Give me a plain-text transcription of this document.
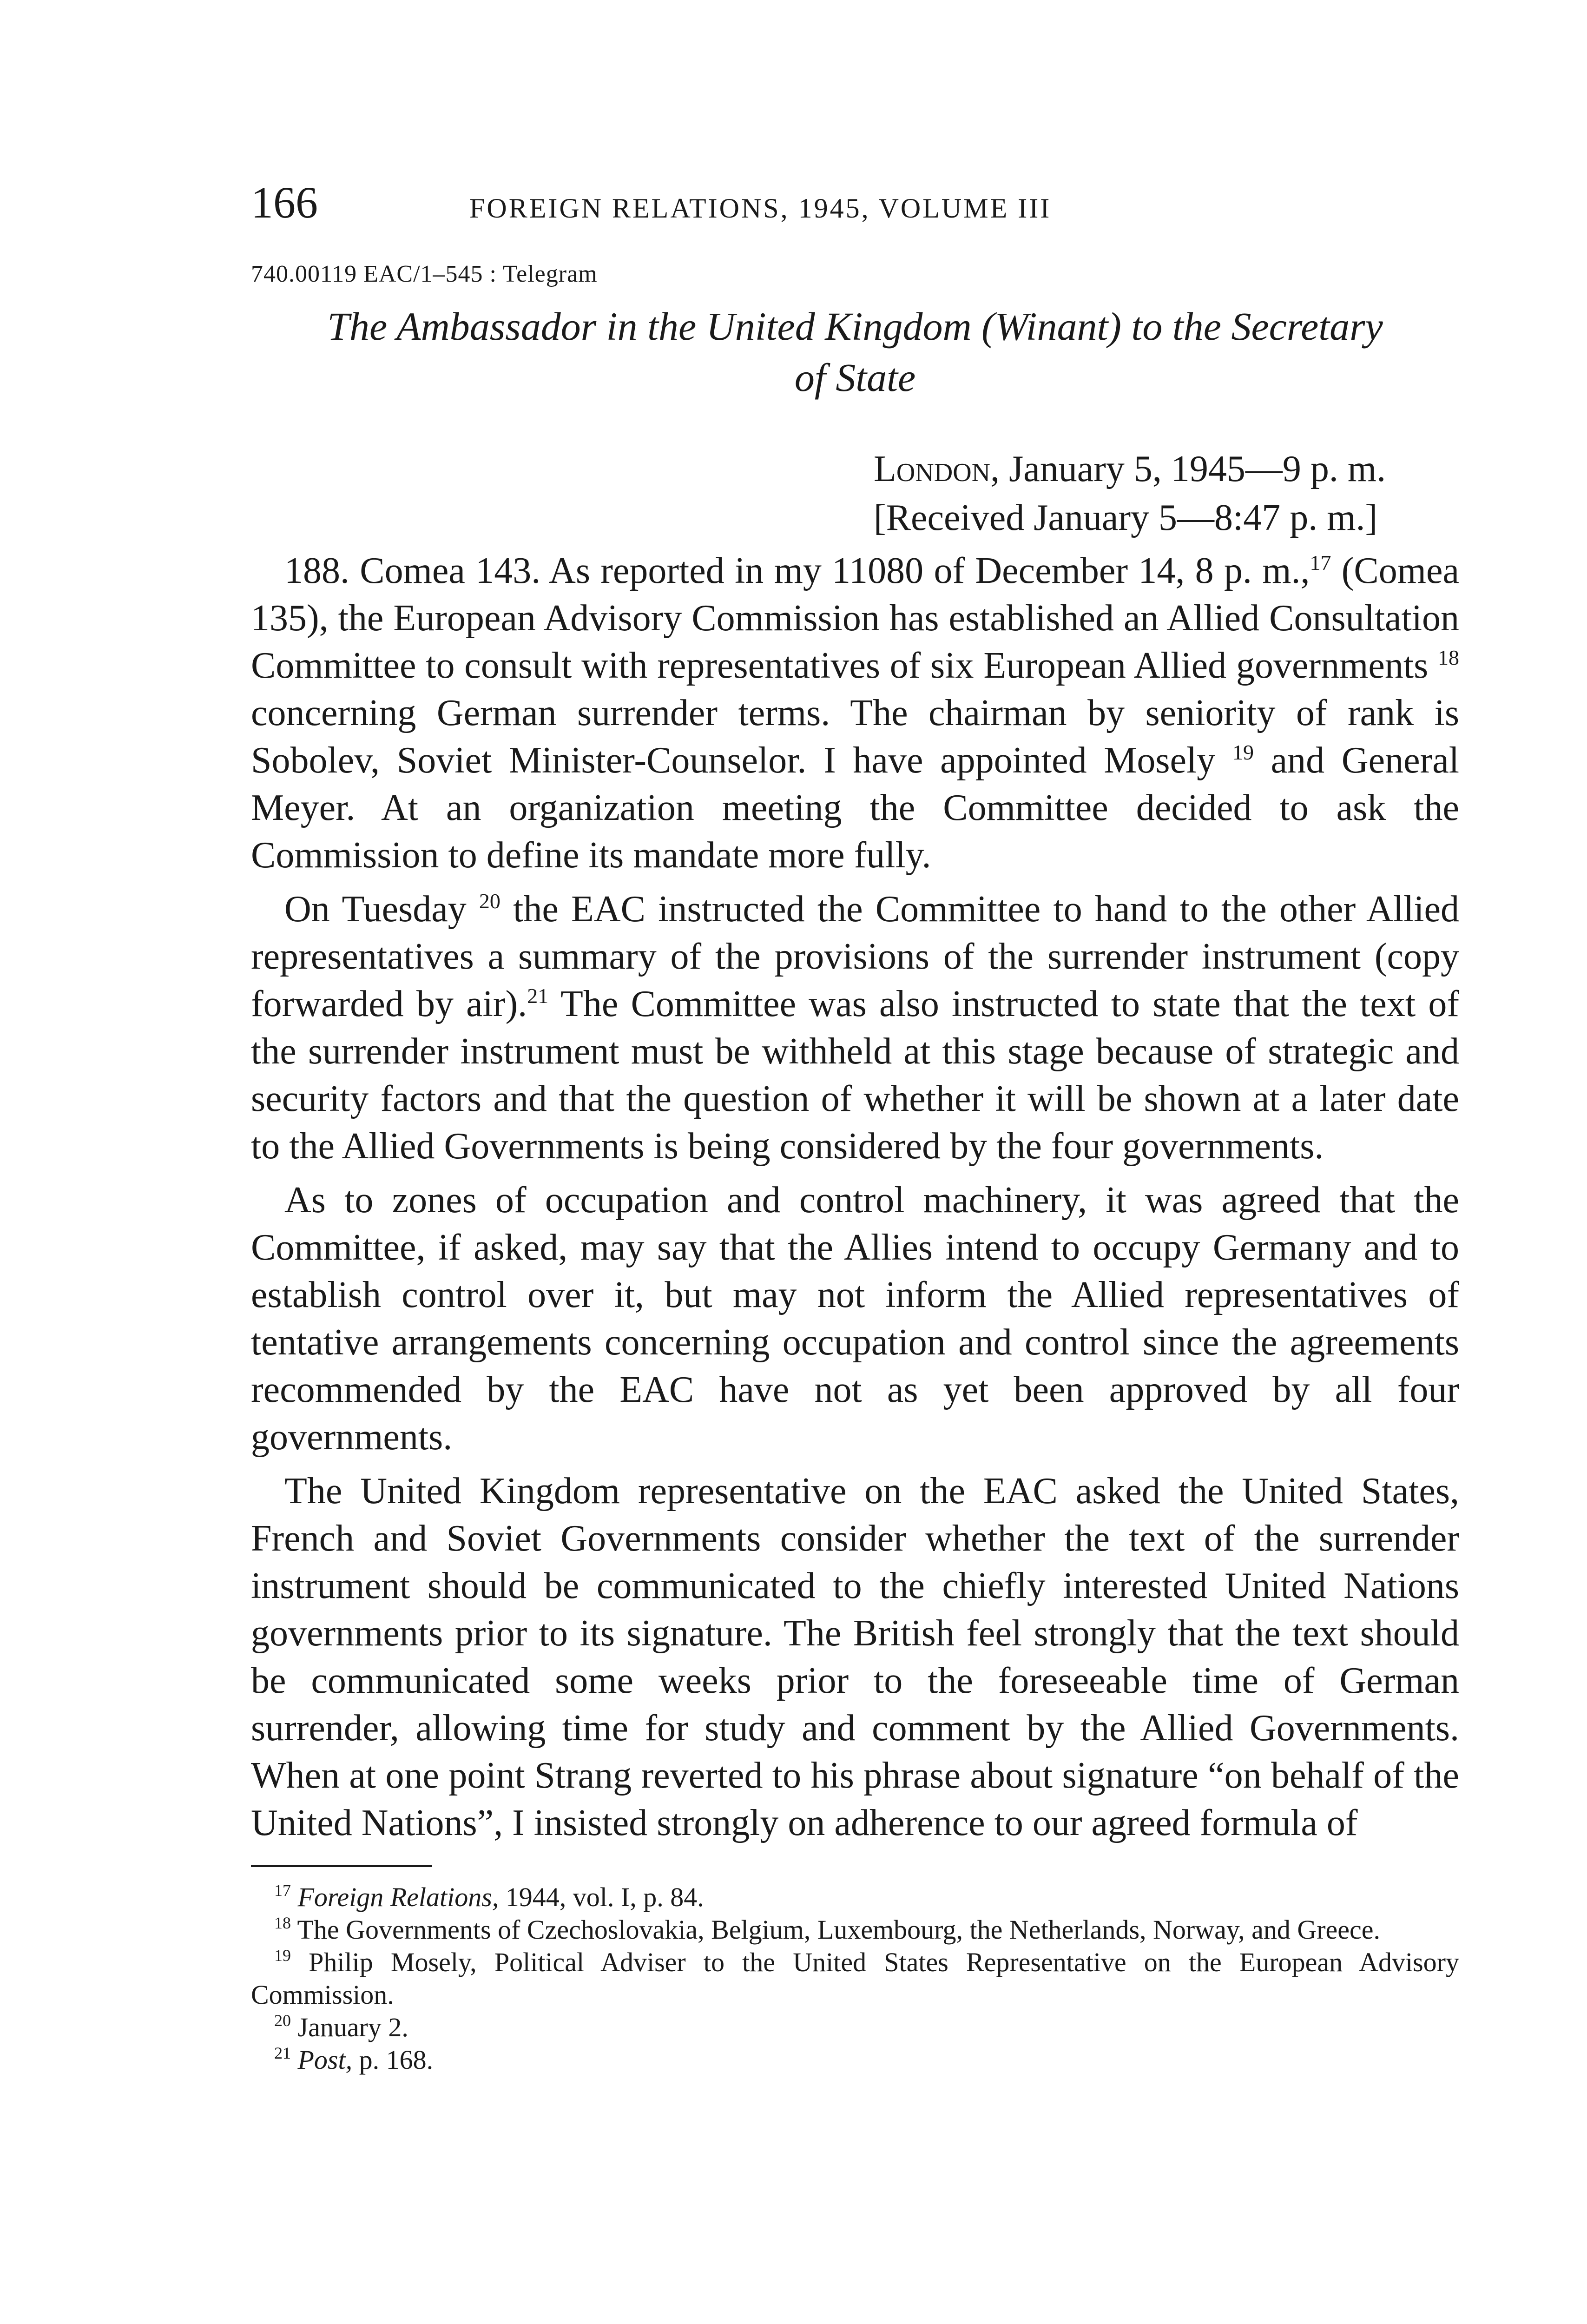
166	FOREIGN RELATIONS, 1945, VOLUME III
740.00119 EAC/1–545 : Telegram
The Ambassador in the United Kingdom (Winant) to the Secretary
of State
London, January 5, 1945—9 p. m.
[Received January 5—8:47 p. m.]

188. Comea 143. As reported in my 11080 of December 14, 8 p. m.,$^{17}$ (Comea 135), the European Advisory Commission has established an Allied Consultation Committee to consult with representatives of six European Allied governments $^{18}$ concerning German surrender terms. The chairman by seniority of rank is Sobolev, Soviet Minister-Counselor. I have appointed Mosely $^{19}$ and General Meyer. At an organization meeting the Committee decided to ask the Commission to define its mandate more fully.

On Tuesday $^{20}$ the EAC instructed the Committee to hand to the other Allied representatives a summary of the provisions of the surrender instrument (copy forwarded by air).$^{21}$ The Committee was also instructed to state that the text of the surrender instrument must be withheld at this stage because of strategic and security factors and that the question of whether it will be shown at a later date to the Allied Governments is being considered by the four governments.

As to zones of occupation and control machinery, it was agreed that the Committee, if asked, may say that the Allies intend to occupy Germany and to establish control over it, but may not inform the Allied representatives of tentative arrangements concerning occupation and control since the agreements recommended by the EAC have not as yet been approved by all four governments.

The United Kingdom representative on the EAC asked the United States, French and Soviet Governments consider whether the text of the surrender instrument should be communicated to the chiefly interested United Nations governments prior to its signature. The British feel strongly that the text should be communicated some weeks prior to the foreseeable time of German surrender, allowing time for study and comment by the Allied Governments. When at one point Strang reverted to his phrase about signature “on behalf of the United Nations”, I insisted strongly on adherence to our agreed formula of

$^{17}$ Foreign Relations, 1944, vol. I, p. 84.

$^{18}$ The Governments of Czechoslovakia, Belgium, Luxembourg, the Netherlands, Norway, and Greece.

$^{19}$ Philip Mosely, Political Adviser to the United States Representative on the European Advisory Commission.

$^{20}$ January 2.

$^{21}$ Post, p. 168.
